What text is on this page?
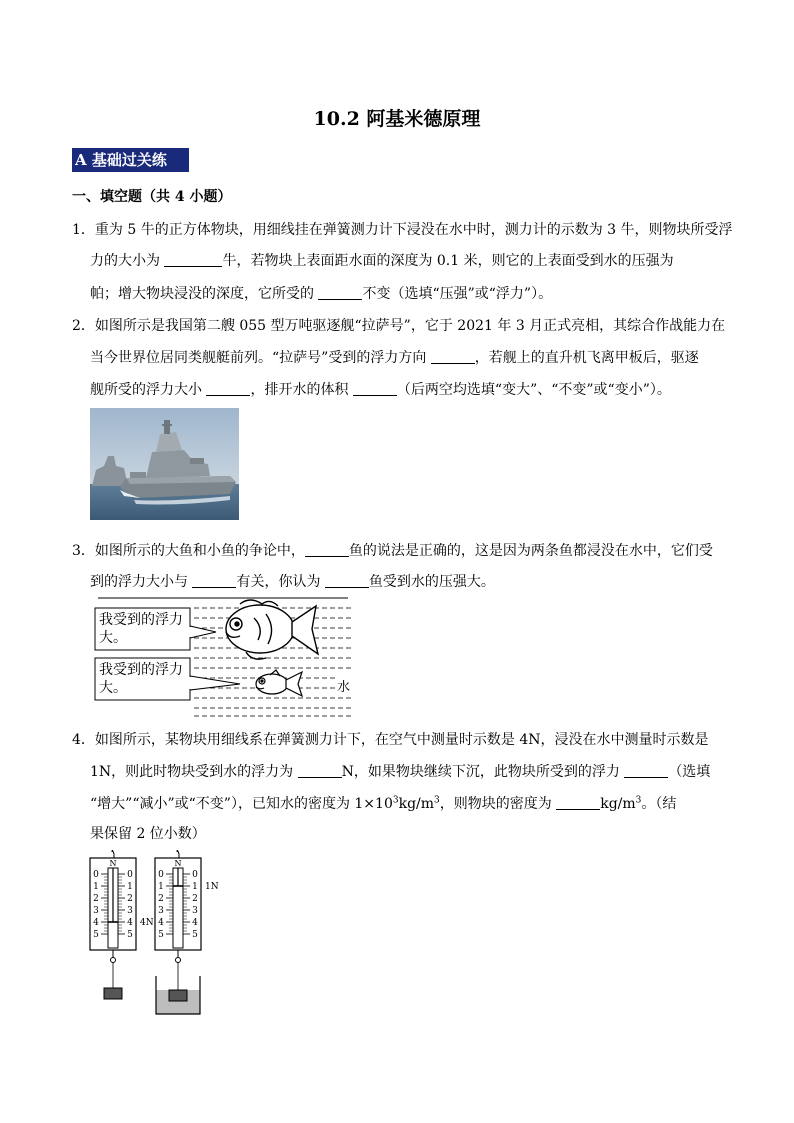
10.2 阿基米德原理
A 基础过关练
一、填空题（共 4 小题）
1．重为 5 牛的正方体物块，用细线挂在弹簧测力计下浸没在水中时，测力计的示数为 3 牛，则物块所受浮
力的大小为	牛，若物块上表面距水面的深度为 0.1 米，则它的上表面受到水的压强为
帕；增大物块浸没的深度，它所受的	不变（选填“压强”或“浮力”）。
2．如图所示是我国第二艘 055 型万吨驱逐舰“拉萨号”，它于 2021 年 3 月正式亮相，其综合作战能力在
当今世界位居同类舰艇前列。“拉萨号”受到的浮力方向	，若舰上的直升机飞离甲板后，驱逐
舰所受的浮力大小	，排开水的体积	（后两空均选填“变大”、“不变”或“变小”）。
3．如图所示的大鱼和小鱼的争论中，	鱼的说法是正确的，这是因为两条鱼都浸没在水中，它们受
到的浮力大小与	有关，你认为	鱼受到水的压强大。
我受到的浮力
大。
我受到的浮力
大。	水
4．如图所示，某物块用细线系在弹簧测力计下，在空气中测量时示数是 4N，浸没在水中测量时示数是
1N，则此时物块受到水的浮力为	N，如果物块继续下沉，此物块所受到的浮力	（选填
“增大”“减小”或“不变”），已知水的密度为 $1\times 10^3kg/m^3$，则物块的密度为	$kg/m^3$。（结
果保留 2 位小数）
N
0	0
1	1
2	2
3	3
4	4
5	5
4N
N
0	0
1	1
2	2
3	3
4	4
5	5
1N
